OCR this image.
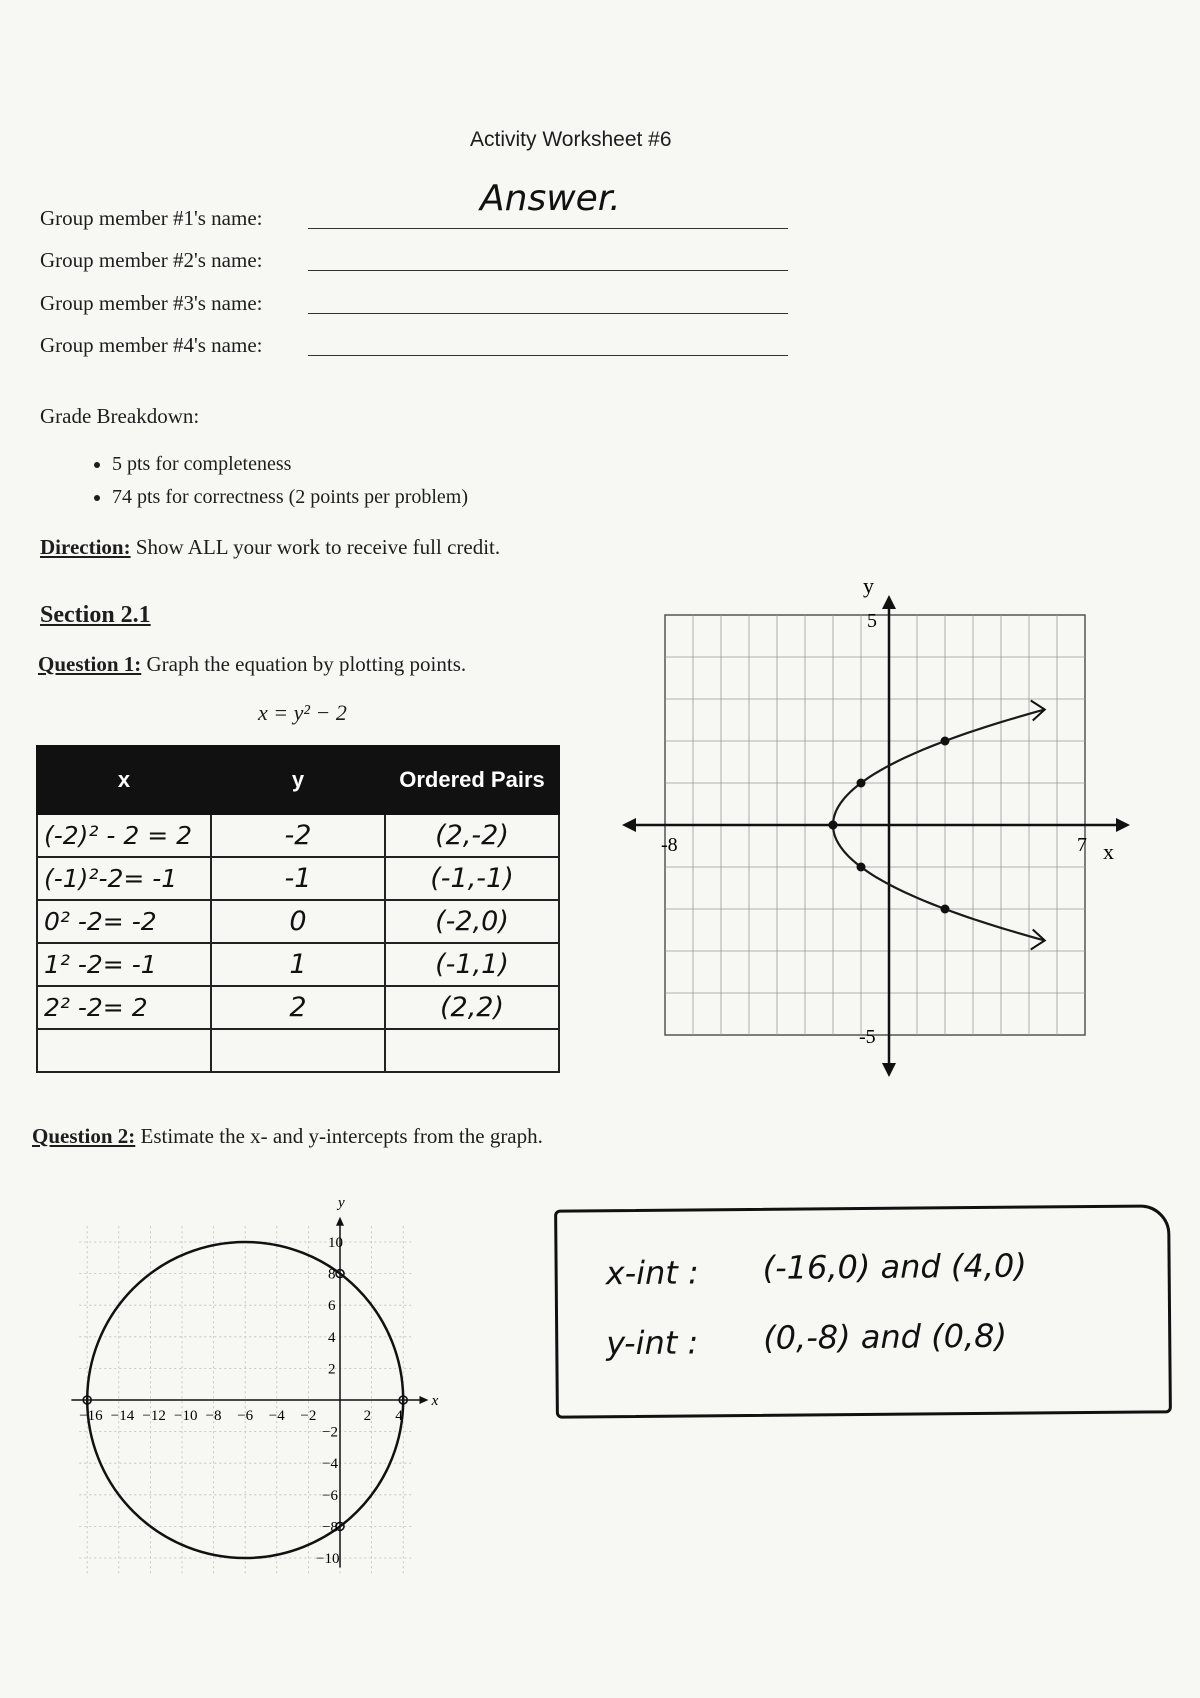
Activity Worksheet #6
Answer.
Group member #1's name:
Group member #2's name:
Group member #3's name:
Group member #4's name:
Grade Breakdown:
• 5 pts for completeness
• 74 pts for correctness (2 points per problem)
Direction: Show ALL your work to receive full credit.
Section 2.1
Question 1: Graph the equation by plotting points.
x = y² − 2
x	y	Ordered Pairs
(-2)² - 2 = 2	-2	(2,-2)
(-1)²-2= -1	-1	(-1,-1)
0² -2= -2	0	(-2,0)
1² -2= -1	1	(-1,1)
2² -2= 2	2	(2,2)

y
x
-8	7
5
-5
Question 2: Estimate the x- and y-intercepts from the graph.
−16 −14 −12 −10 −8 −6 −4 −2	2 4
10
8
6
4
2
−2
−4
−6
−8
−10
y
x
x-int : (-16,0) and (4,0)
y-int : (0,-8) and (0,8)
